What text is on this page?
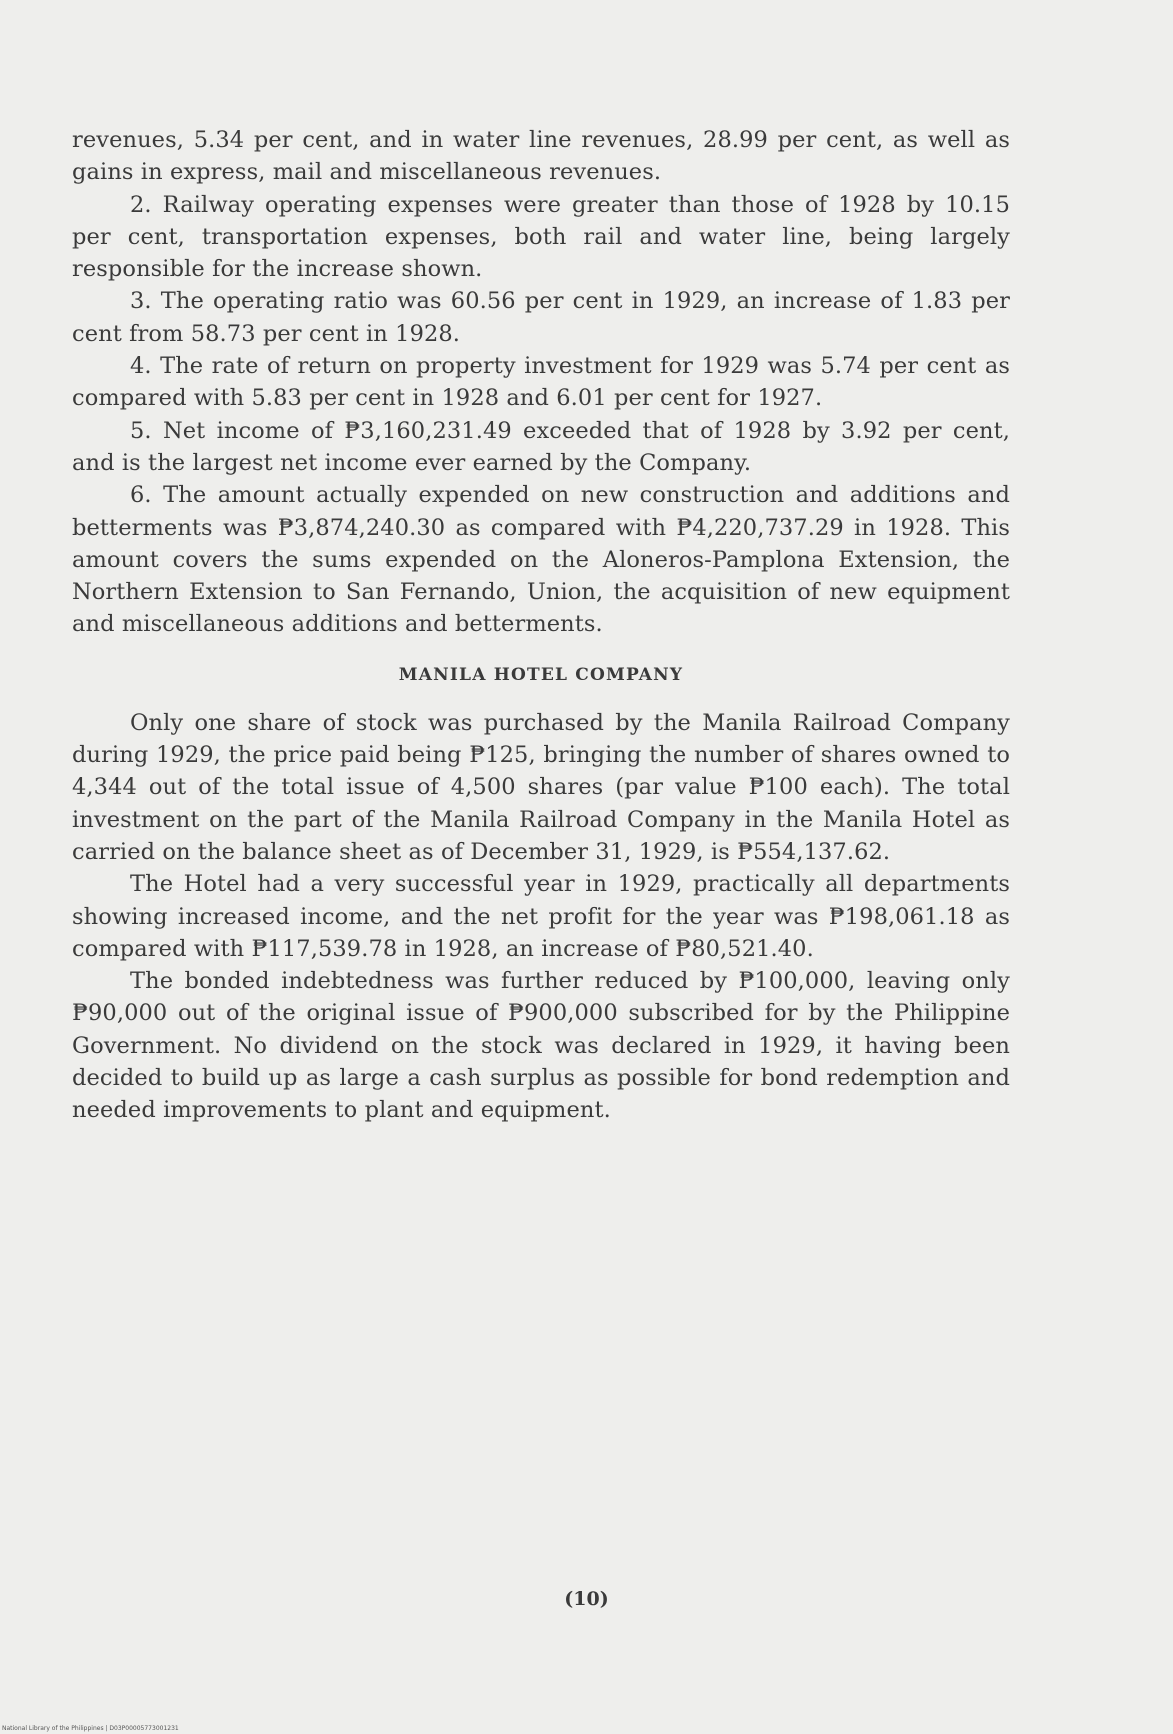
revenues, 5.34 per cent, and in water line revenues, 28.99 per cent, as well as gains in express, mail and miscellaneous revenues.

2. Railway operating expenses were greater than those of 1928 by 10.15 per cent, transportation expenses, both rail and water line, being largely responsible for the increase shown.

3. The operating ratio was 60.56 per cent in 1929, an increase of 1.83 per cent from 58.73 per cent in 1928.

4. The rate of return on property investment for 1929 was 5.74 per cent as compared with 5.83 per cent in 1928 and 6.01 per cent for 1927.

5. Net income of ₱3,160,231.49 exceeded that of 1928 by 3.92 per cent, and is the largest net income ever earned by the Company.

6. The amount actually expended on new construction and additions and betterments was ₱3,874,240.30 as compared with ₱4,220,737.29 in 1928. This amount covers the sums expended on the Aloneros-Pamplona Extension, the Northern Extension to San Fernando, Union, the acquisition of new equipment and miscellaneous additions and betterments.

MANILA HOTEL COMPANY

Only one share of stock was purchased by the Manila Railroad Company during 1929, the price paid being ₱125, bringing the number of shares owned to 4,344 out of the total issue of 4,500 shares (par value ₱100 each). The total investment on the part of the Manila Railroad Company in the Manila Hotel as carried on the balance sheet as of December 31, 1929, is ₱554,137.62.

The Hotel had a very successful year in 1929, practically all departments showing increased income, and the net profit for the year was ₱198,061.18 as compared with ₱117,539.78 in 1928, an increase of ₱80,521.40.

The bonded indebtedness was further reduced by ₱100,000, leaving only ₱90,000 out of the original issue of ₱900,000 subscribed for by the Philippine Government. No dividend on the stock was declared in 1929, it having been decided to build up as large a cash surplus as possible for bond redemption and needed improvements to plant and equipment.

(10)
National Library of the Philippines | D03P00005773001231
